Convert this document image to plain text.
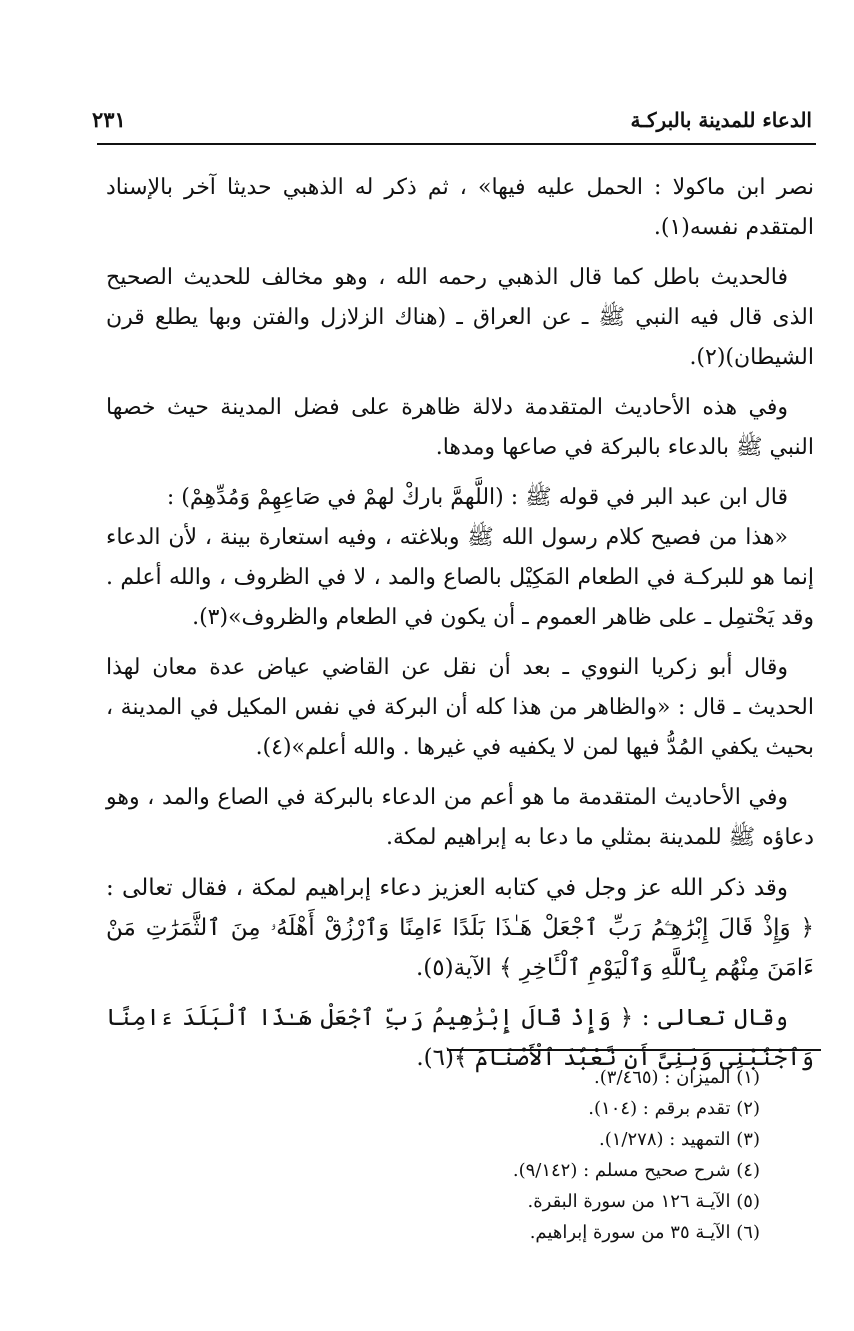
الدعاء للمدينة بالبركـة
٢٣١

نصر ابن ماكولا : الحمل عليه فيها» ، ثم ذكر له الذهبي حديثا آخر بالإسناد المتقدم نفسه(١).

فالحديث باطل كما قال الذهبي رحمه الله ، وهو مخالف للحديث الصحيح الذى قال فيه النبي ﷺ ـ عن العراق ـ (هناك الزلازل والفتن وبها يطلع قرن الشيطان)(٢).

وفي هذه الأحاديث المتقدمة دلالة ظاهرة على فضل المدينة حيث خصها النبي ﷺ بالدعاء بالبركة في صاعها ومدها.

قال ابن عبد البر في قوله ﷺ : (اللَّهمَّ باركْ لهمْ في صَاعِهِمْ وَمُدِّهِمْ) :

«هذا من فصيح كلام رسول الله ﷺ وبلاغته ، وفيه استعارة بينة ، لأن الدعاء إنما هو للبركـة في الطعام المَكِيْل بالصاع والمد ، لا في الظروف ، والله أعلم . وقد يَحْتمِل ـ على ظاهر العموم ـ أن يكون في الطعام والظروف»(٣).

وقال أبو زكريا النووي ـ بعد أن نقل عن القاضي عياض عدة معان لهذا الحديث ـ قال : «والظاهر من هذا كله أن البركة في نفس المكيل في المدينة ، بحيث يكفي المُدُّ فيها لمن لا يكفيه في غيرها . والله أعلم»(٤).

وفي الأحاديث المتقدمة ما هو أعم من الدعاء بالبركة في الصاع والمد ، وهو دعاؤه ﷺ للمدينة بمثلي ما دعا به إبراهيم لمكة.

وقد ذكر الله عز وجل في كتابه العزيز دعاء إبراهيم لمكة ، فقال تعالى : ﴿ وَإِذْ قَالَ إِبْرَٰهِـۧمُ رَبِّ ٱجْعَلْ هَـٰذَا بَلَدًا ءَامِنًا وَٱرْزُقْ أَهْلَهُۥ مِنَ ٱلثَّمَرَٰتِ مَنْ ءَامَنَ مِنْهُم بِٱللَّهِ وَٱلْيَوْمِ ٱلْـَٔاخِرِ ﴾ الآية(٥).

وقال تعالى : ﴿ وَإِذْ قَالَ إِبْرَٰهِيمُ رَبِّ ٱجْعَلْ هَـٰذَا ٱلْبَلَدَ ءَامِنًا وَٱجْنُبْنِى وَبَنِىَّ أَن نَّعْبُدَ ٱلْأَصْنَامَ ﴾(٦).

(١) الميزان : (٣/٤٦٥).
(٢) تقدم برقم : (١٠٤).
(٣) التمهيد : (١/٢٧٨).
(٤) شرح صحيح مسلم : (٩/١٤٢).
(٥) الآيـة ١٢٦ من سورة البقرة.
(٦) الآيـة ٣٥ من سورة إبراهيم.
